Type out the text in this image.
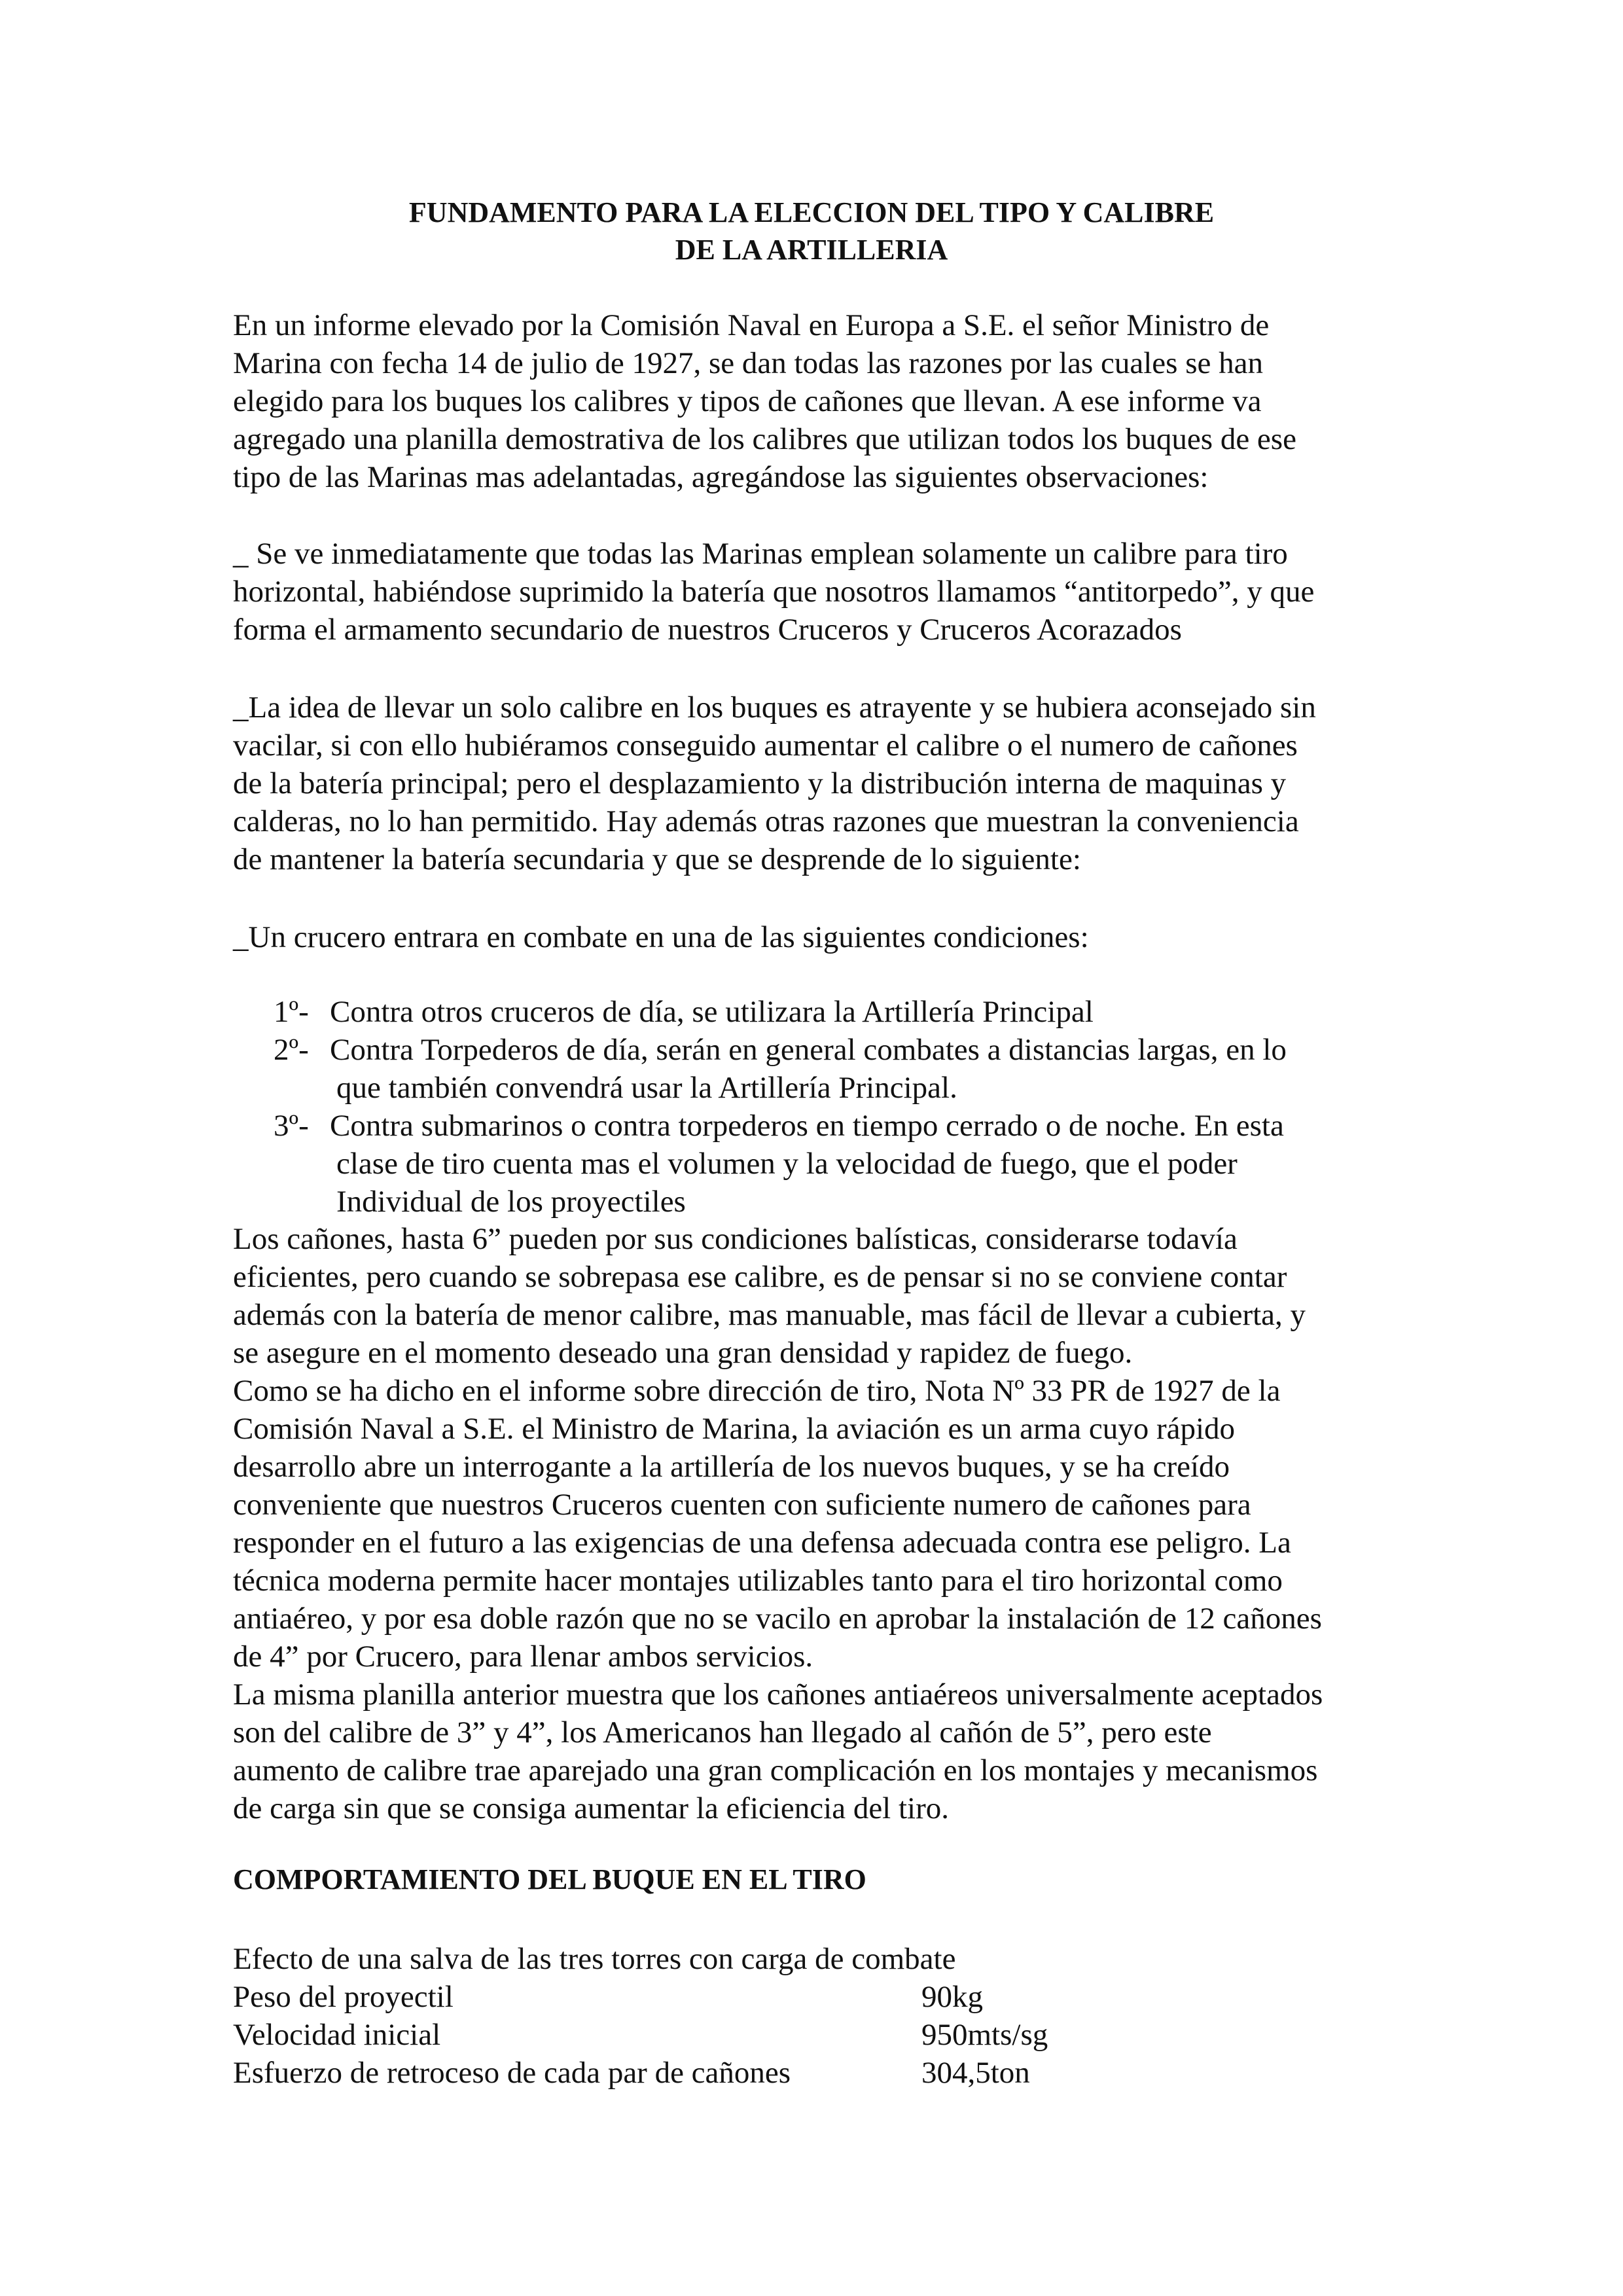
FUNDAMENTO PARA LA ELECCION DEL TIPO Y CALIBRE
DE LA ARTILLERIA

En un informe elevado por la Comisión Naval en Europa a S.E. el señor Ministro de

Marina con fecha 14 de julio de 1927, se dan todas las razones por las cuales se han

elegido para los buques los calibres y tipos de cañones que llevan. A ese informe va

agregado una planilla demostrativa de los calibres que utilizan todos los buques de ese

tipo de las Marinas mas adelantadas, agregándose las siguientes observaciones:

_ Se ve inmediatamente que todas las Marinas emplean solamente un calibre para tiro

horizontal, habiéndose suprimido la batería que nosotros llamamos “antitorpedo”, y que

forma el armamento secundario de nuestros Cruceros y Cruceros Acorazados

_La idea de llevar un solo calibre en los buques es atrayente y se hubiera aconsejado sin

vacilar, si con ello hubiéramos conseguido aumentar el calibre o el numero de cañones

de la batería principal; pero el desplazamiento y la distribución interna de maquinas y

calderas, no lo han permitido. Hay además otras razones que muestran la conveniencia

de mantener la batería secundaria y que se desprende de lo siguiente:

_Un crucero entrara en combate en una de las siguientes condiciones:

1º- Contra otros cruceros de día, se utilizara la Artillería Principal

2º- Contra Torpederos de día, serán en general combates a distancias largas, en lo

que también convendrá usar la Artillería Principal.

3º- Contra submarinos o contra torpederos en tiempo cerrado o de noche. En esta

clase de tiro cuenta mas el volumen y la velocidad de fuego, que el poder

Individual de los proyectiles

Los cañones, hasta 6” pueden por sus condiciones balísticas, considerarse todavía

eficientes, pero cuando se sobrepasa ese calibre, es de pensar si no se conviene contar

además con la batería de menor calibre, mas manuable, mas fácil de llevar a cubierta, y

se asegure en el momento deseado una gran densidad y rapidez de fuego.

Como se ha dicho en el informe sobre dirección de tiro, Nota Nº 33 PR de 1927 de la

Comisión Naval a S.E. el Ministro de Marina, la aviación es un arma cuyo rápido

desarrollo abre un interrogante a la artillería de los nuevos buques, y se ha creído

conveniente que nuestros Cruceros cuenten con suficiente numero de cañones para

responder en el futuro a las exigencias de una defensa adecuada contra ese peligro. La

técnica moderna permite hacer montajes utilizables tanto para el tiro horizontal como

antiaéreo, y por esa doble razón que no se vacilo en aprobar la instalación de 12 cañones

de 4” por Crucero, para llenar ambos servicios.

La misma planilla anterior muestra que los cañones antiaéreos universalmente aceptados

son del calibre de 3” y 4”, los Americanos han llegado al cañón de 5”, pero este

aumento de calibre trae aparejado una gran complicación en los montajes y mecanismos

de carga sin que se consiga aumentar la eficiencia del tiro.

COMPORTAMIENTO DEL BUQUE EN EL TIRO

Efecto de una salva de las tres torres con carga de combate

Peso del proyectil	90kg
Velocidad inicial	950mts/sg
Esfuerzo de retroceso de cada par de cañones	304,5ton
